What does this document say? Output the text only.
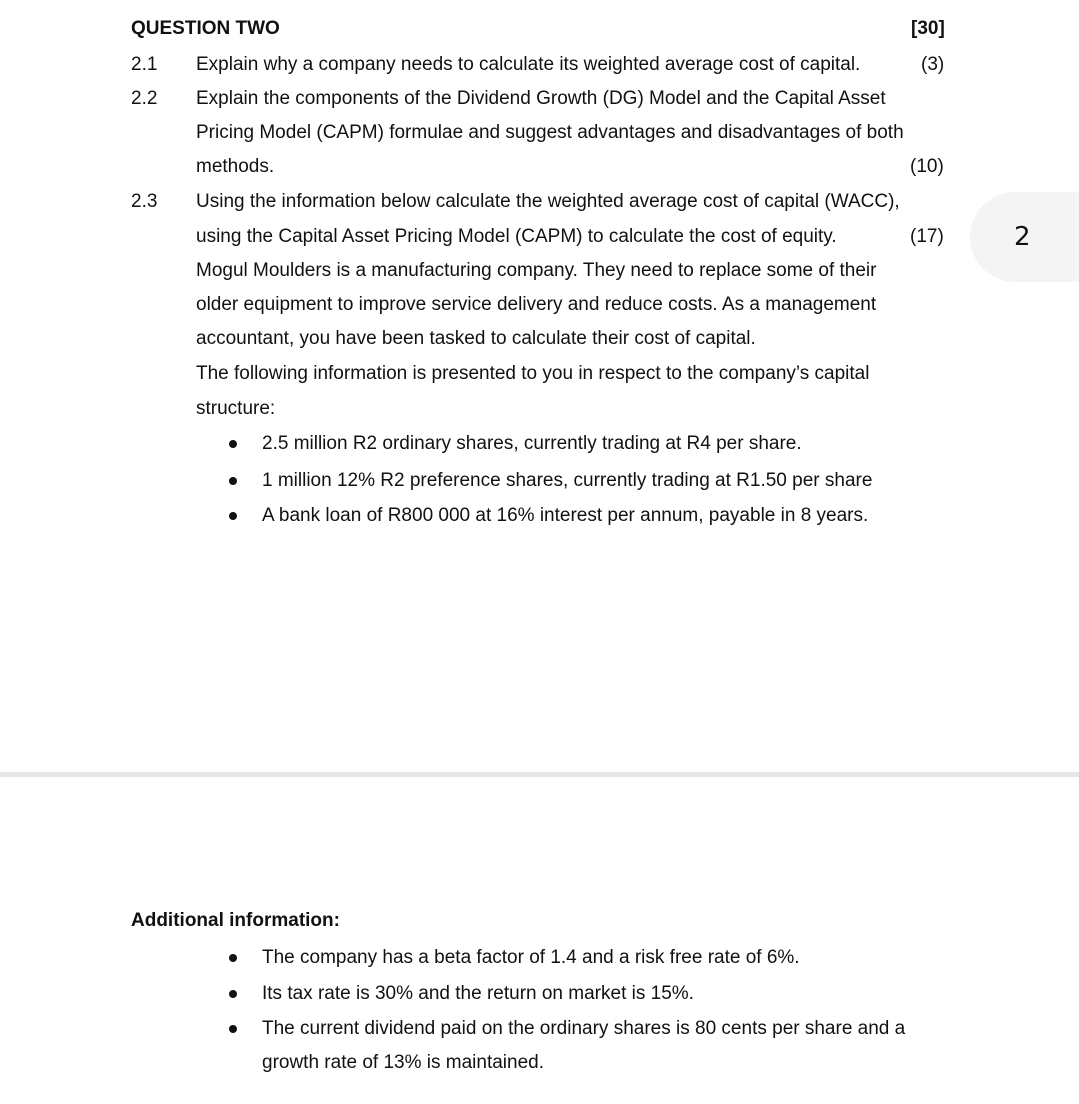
QUESTION TWO	[30]
2.1 Explain why a company needs to calculate its weighted average cost of capital.	(3)
2.2 Explain the components of the Dividend Growth (DG) Model and the Capital Asset
Pricing Model (CAPM) formulae and suggest advantages and disadvantages of both
methods.	(10)
2.3 Using the information below calculate the weighted average cost of capital (WACC),
using the Capital Asset Pricing Model (CAPM) to calculate the cost of equity.	(17)
Mogul Moulders is a manufacturing company. They need to replace some of their
older equipment to improve service delivery and reduce costs. As a management
accountant, you have been tasked to calculate their cost of capital.
The following information is presented to you in respect to the company’s capital
structure:
2.5 million R2 ordinary shares, currently trading at R4 per share.
1 million 12% R2 preference shares, currently trading at R1.50 per share
A bank loan of R800 000 at 16% interest per annum, payable in 8 years.
2
Additional information:
The company has a beta factor of 1.4 and a risk free rate of 6%.
Its tax rate is 30% and the return on market is 15%.
The current dividend paid on the ordinary shares is 80 cents per share and a
growth rate of 13% is maintained.
